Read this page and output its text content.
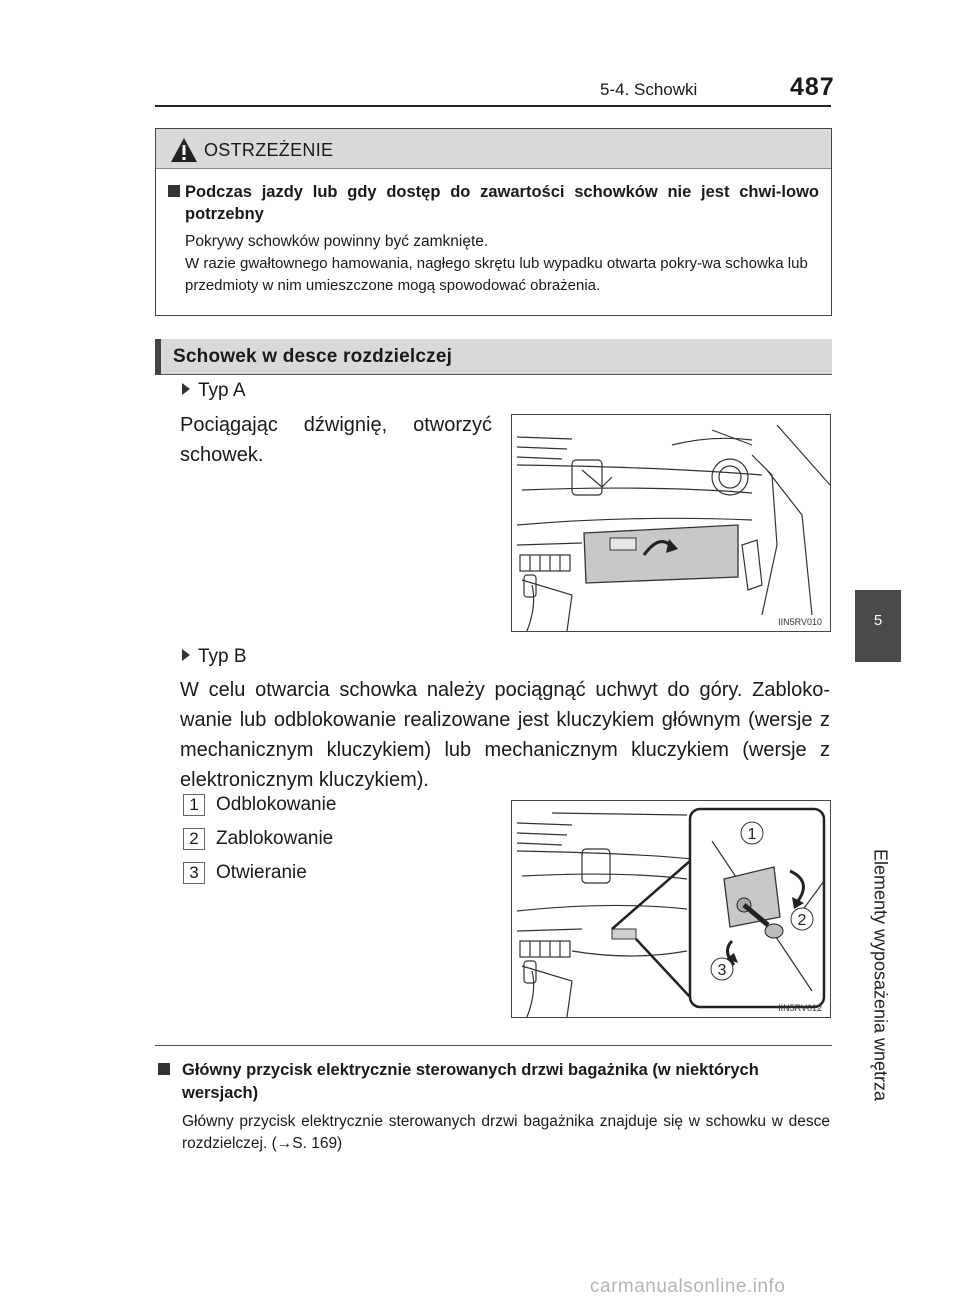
5-4. Schowki	487
5
Elementy wyposażenia wnętrza
OSTRZEŻENIE
Podczas jazdy lub gdy dostęp do zawartości schowków nie jest chwi-lowo potrzebny
Pokrywy schowków powinny być zamknięte.
W razie gwałtownego hamowania, nagłego skrętu lub wypadku otwarta pokry-wa schowka lub przedmioty w nim umieszczone mogą spowodować obrażenia.
Schowek w desce rozdzielczej
Typ A
Pociągając dźwignię, otworzyć schowek.
IIN5RV010
Typ B
W celu otwarcia schowka należy pociągnąć uchwyt do góry. Zabloko-wanie lub odblokowanie realizowane jest kluczykiem głównym (wersje z mechanicznym kluczykiem) lub mechanicznym kluczykiem (wersje z elektronicznym kluczykiem).
1 Odblokowanie
2 Zablokowanie
3 Otwieranie
1
2
3
IIN5RV012
Główny przycisk elektrycznie sterowanych drzwi bagażnika (w niektórych wersjach)
Główny przycisk elektrycznie sterowanych drzwi bagażnika znajduje się w schowku w desce rozdzielczej. (→S. 169)
carmanualsonline.info
